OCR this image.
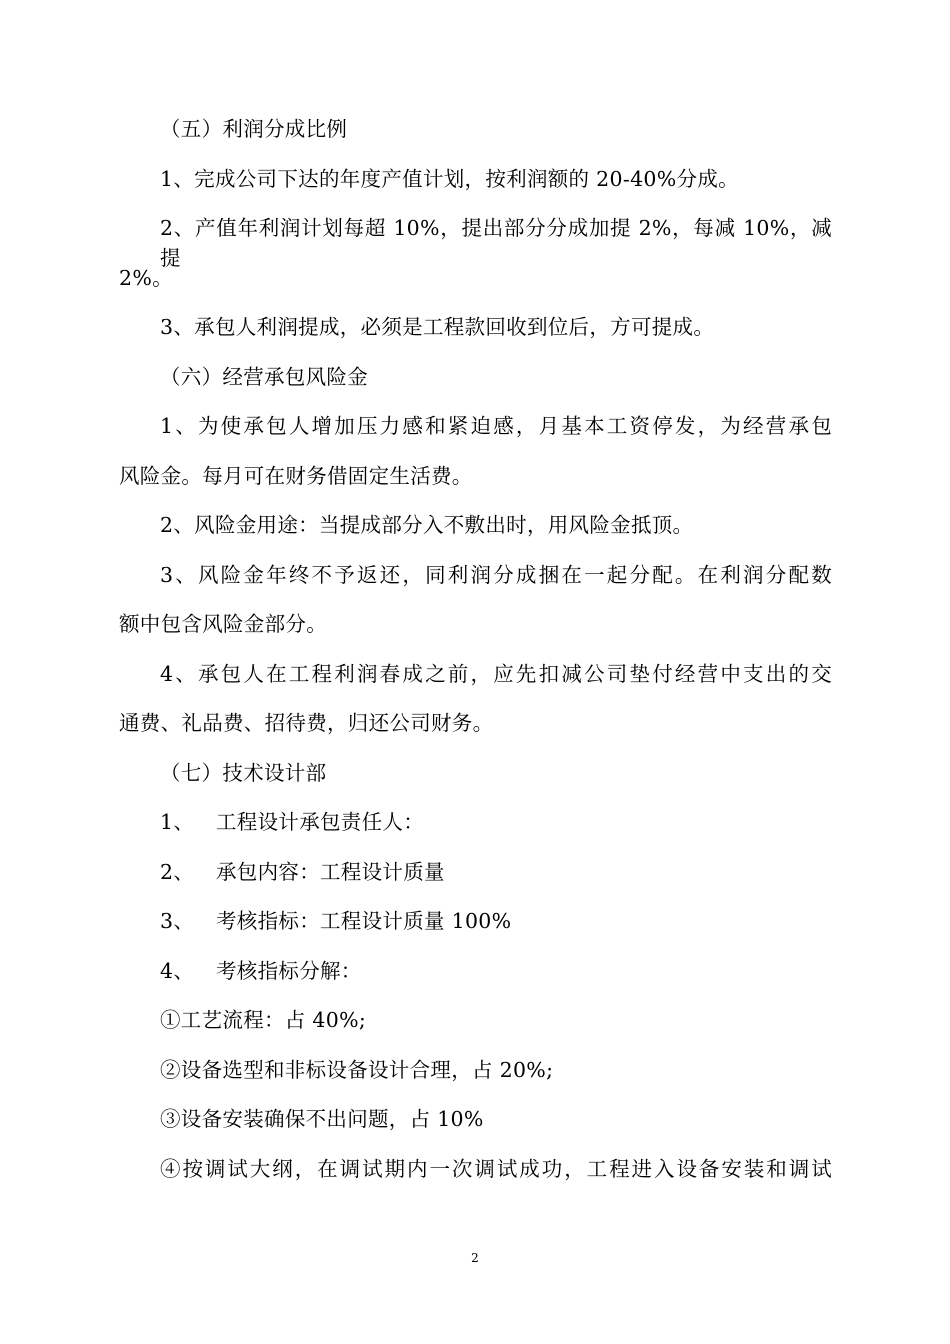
（五）利润分成比例
1、完成公司下达的年度产值计划，按利润额的 20-40%分成。
2、产值年利润计划每超 10%，提出部分分成加提 2%，每减 10%，减提
2%。
3、承包人利润提成，必须是工程款回收到位后，方可提成。
（六）经营承包风险金
1、为使承包人增加压力感和紧迫感，月基本工资停发，为经营承包
风险金。每月可在财务借固定生活费。
2、风险金用途：当提成部分入不敷出时，用风险金抵顶。
3、风险金年终不予返还，同利润分成捆在一起分配。在利润分配数
额中包含风险金部分。
4、承包人在工程利润春成之前，应先扣减公司垫付经营中支出的交
通费、礼品费、招待费，归还公司财务。
（七）技术设计部
1、 工程设计承包责任人：
2、 承包内容：工程设计质量
3、 考核指标：工程设计质量 100%
4、 考核指标分解：
①工艺流程：占 40%;
②设备选型和非标设备设计合理，占 20%;
③设备安装确保不出问题，占 10%
④按调试大纲，在调试期内一次调试成功，工程进入设备安装和调试
2
